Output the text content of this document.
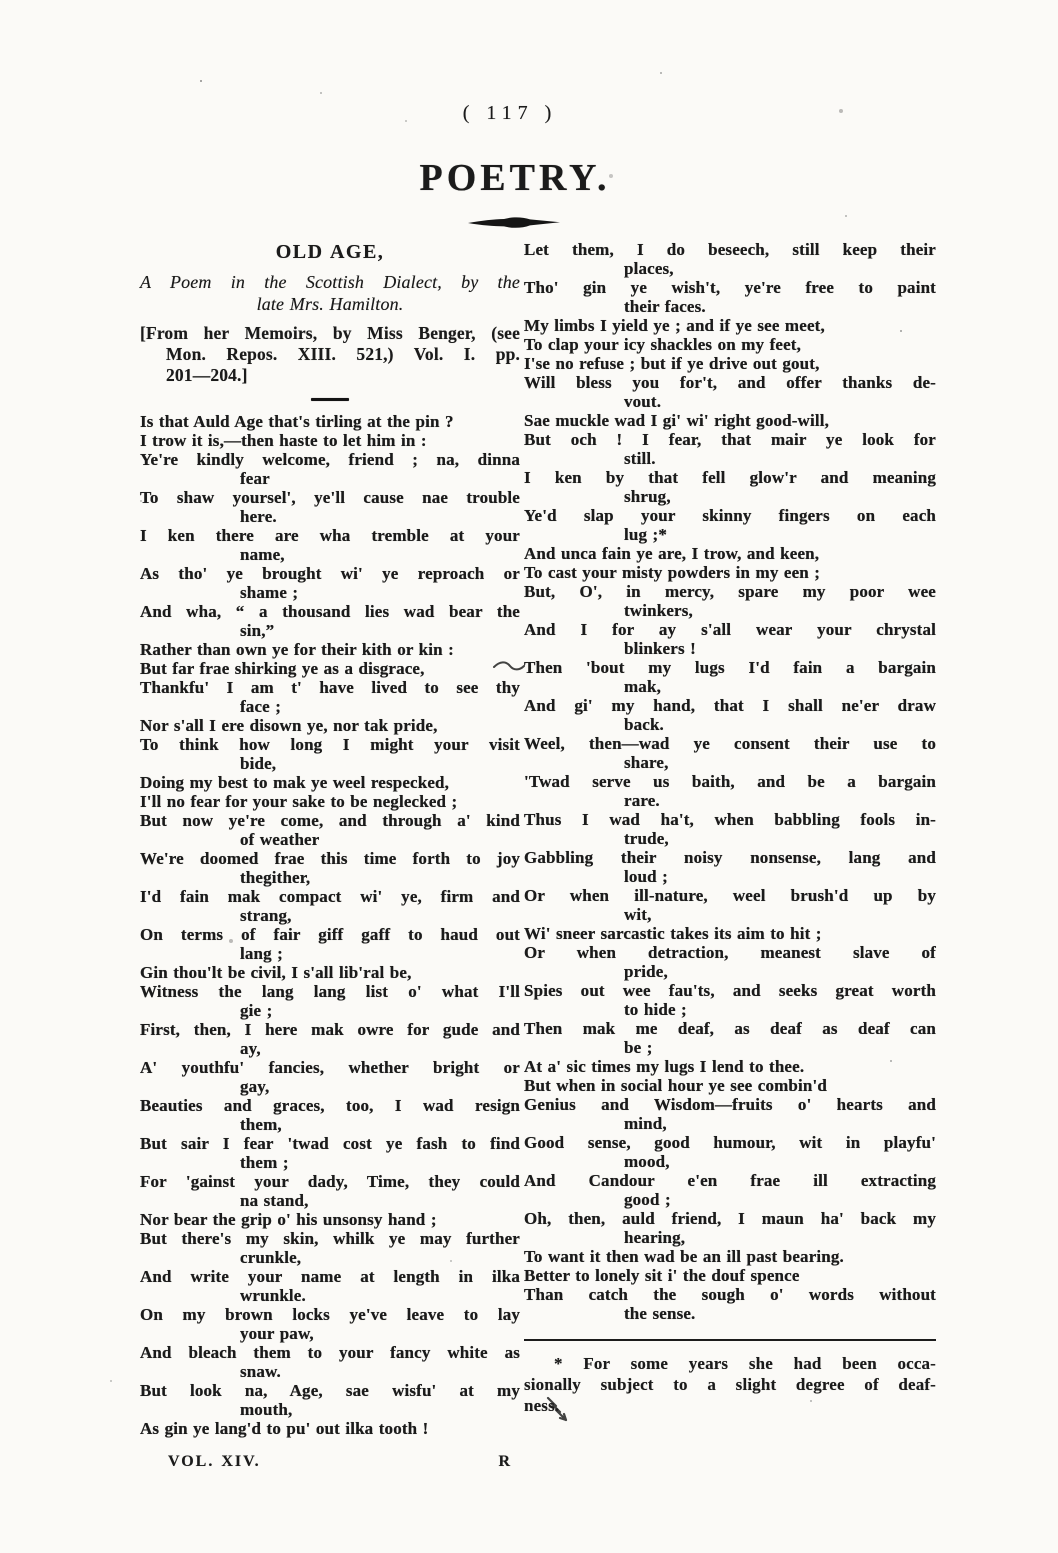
( 117 )
POETRY.
OLD AGE,
A Poem in the Scottish Dialect, by the
late Mrs. Hamilton.
[From her Memoirs, by Miss Benger, (see
Mon. Repos. XIII. 521,) Vol. I. pp.
201—204.]
Is that Auld Age that's tirling at the pin ?
I trow it is,—then haste to let him in :
Ye're kindly welcome, friend ; na, dinna
fear
To shaw yoursel', ye'll cause nae trouble
here.
I ken there are wha tremble at your
name,
As tho' ye brought wi' ye reproach or
shame ;
And wha, “ a thousand lies wad bear the
sin,”
Rather than own ye for their kith or kin :
But far frae shirking ye as a disgrace,
Thankfu' I am t' have lived to see thy
face ;
Nor s'all I ere disown ye, nor tak pride,
To think how long I might your visit
bide,
Doing my best to mak ye weel respecked,
I'll no fear for your sake to be neglecked ;
But now ye're come, and through a' kind
of weather
We're doomed frae this time forth to joy
thegither,
I'd fain mak compact wi' ye, firm and
strang,
On terms of fair giff gaff to haud out
lang ;
Gin thou'lt be civil, I s'all lib'ral be,
Witness the lang lang list o' what I'll
gie ;
First, then, I here mak owre for gude and
ay,
A' youthfu' fancies, whether bright or
gay,
Beauties and graces, too, I wad resign
them,
But sair I fear 'twad cost ye fash to find
them ;
For 'gainst your dady, Time, they could
na stand,
Nor bear the grip o' his unsonsy hand ;
But there's my skin, whilk ye may further
crunkle,
And write your name at length in ilka
wrunkle.
On my brown locks ye've leave to lay
your paw,
And bleach them to your fancy white as
snaw.
But look na, Age, sae wisfu' at my
mouth,
As gin ye lang'd to pu' out ilka tooth !
VOL. XIV.	R
Let them, I do beseech, still keep their
places,
Tho' gin ye wish't, ye're free to paint
their faces.
My limbs I yield ye ; and if ye see meet,
To clap your icy shackles on my feet,
I'se no refuse ; but if ye drive out gout,
Will bless you for't, and offer thanks de-
vout.
Sae muckle wad I gi' wi' right good-will,
But och ! I fear, that mair ye look for
still.
I ken by that fell glow'r and meaning
shrug,
Ye'd slap your skinny fingers on each
lug ;*
And unca fain ye are, I trow, and keen,
To cast your misty powders in my een ;
But, O', in mercy, spare my poor wee
twinkers,
And I for ay s'all wear your chrystal
blinkers !
Then 'bout my lugs I'd fain a bargain
mak,
And gi' my hand, that I shall ne'er draw
back.
Weel, then—wad ye consent their use to
share,
'Twad serve us baith, and be a bargain
rare.
Thus I wad ha't, when babbling fools in-
trude,
Gabbling their noisy nonsense, lang and
loud ;
Or when ill-nature, weel brush'd up by
wit,
Wi' sneer sarcastic takes its aim to hit ;
Or when detraction, meanest slave of
pride,
Spies out wee fau'ts, and seeks great worth
to hide ;
Then mak me deaf, as deaf as deaf can
be ;
At a' sic times my lugs I lend to thee.
But when in social hour ye see combin'd
Genius and Wisdom—fruits o' hearts and
mind,
Good sense, good humour, wit in playfu'
mood,
And Candour e'en frae ill extracting
good ;
Oh, then, auld friend, I maun ha' back my
hearing,
To want it then wad be an ill past bearing.
Better to lonely sit i' the douf spence
Than catch the sough o' words without
the sense.
* For some years she had been occa-
sionally subject to a slight degree of deaf-
ness.
